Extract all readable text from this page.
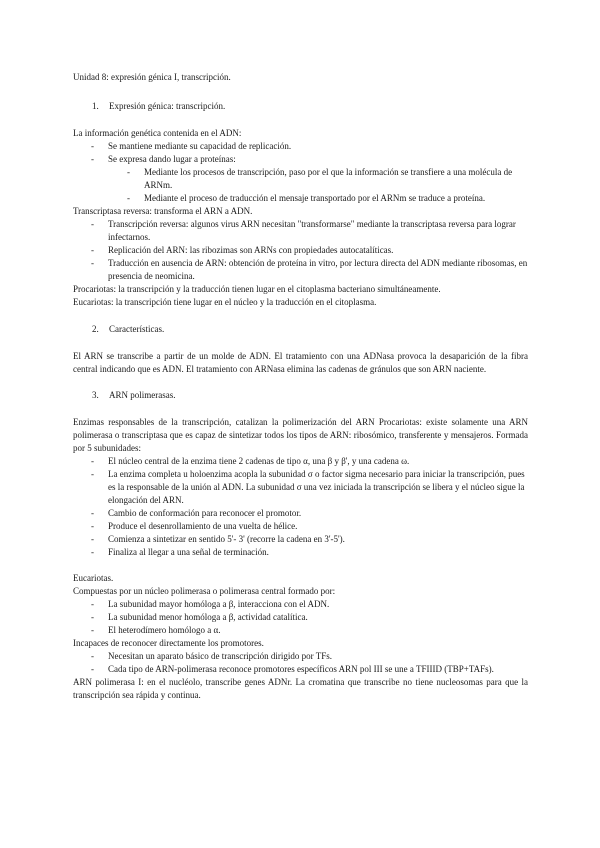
Unidad 8: expresión génica I, transcripción.

1.	Expresión génica: transcripción.

La información genética contenida en el ADN:

- Se mantiene mediante su capacidad de replicación.
- Se expresa dando lugar a proteínas:
- Mediante los procesos de transcripción, paso por el que la información se transfiere a una molécula de ARNm.
- Mediante el proceso de traducción el mensaje transportado por el ARNm se traduce a proteína.

Transcriptasa reversa: transforma el ARN a ADN.

- Transcripción reversa: algunos virus ARN necesitan "transformarse" mediante la transcriptasa reversa para lograr infectarnos.
- Replicación del ARN: las ribozimas son ARNs con propiedades autocatalíticas.
- Traducción en ausencia de ARN: obtención de proteína in vitro, por lectura directa del ADN mediante ribosomas, en presencia de neomicina.

Procariotas: la transcripción y la traducción tienen lugar en el citoplasma bacteriano simultáneamente.

Eucariotas: la transcripción tiene lugar en el núcleo y la traducción en el citoplasma.

2.	Características.

El ARN se transcribe a partir de un molde de ADN. El tratamiento con una ADNasa provoca la desaparición de la fibra central indicando que es ADN. El tratamiento con ARNasa elimina las cadenas de gránulos que son ARN naciente.

3.	ARN polimerasas.

Enzimas responsables de la transcripción, catalizan la polimerización del ARN Procariotas: existe solamente una ARN polimerasa o transcriptasa que es capaz de sintetizar todos los tipos de ARN: ribosómico, transferente y mensajeros. Formada por 5 subunidades:

- El núcleo central de la enzima tiene 2 cadenas de tipo α, una β y β', y una cadena ω.
- La enzima completa u holoenzima acopla la subunidad σ o factor sigma necesario para iniciar la transcripción, pues es la responsable de la unión al ADN. La subunidad σ una vez iniciada la transcripción se libera y el núcleo sigue la elongación del ARN.
- Cambio de conformación para reconocer el promotor.
- Produce el desenrollamiento de una vuelta de hélice.
- Comienza a sintetizar en sentido 5'- 3' (recorre la cadena en 3'-5').
- Finaliza al llegar a una señal de terminación.

Eucariotas.

Compuestas por un núcleo polimerasa o polimerasa central formado por:

- La subunidad mayor homóloga a β, interacciona con el ADN.
- La subunidad menor homóloga a β, actividad catalítica.
- El heterodímero homólogo a α.

Incapaces de reconocer directamente los promotores.

- Necesitan un aparato básico de transcripción dirigido por TFs.
- Cada tipo de ARN-polimerasa reconoce promotores específicos ARN pol III se une a TFIIID (TBP+TAFs).

ARN polimerasa I: en el nucléolo, transcribe genes ADNr. La cromatina que transcribe no tiene nucleosomas para que la transcripción sea rápida y continua.
